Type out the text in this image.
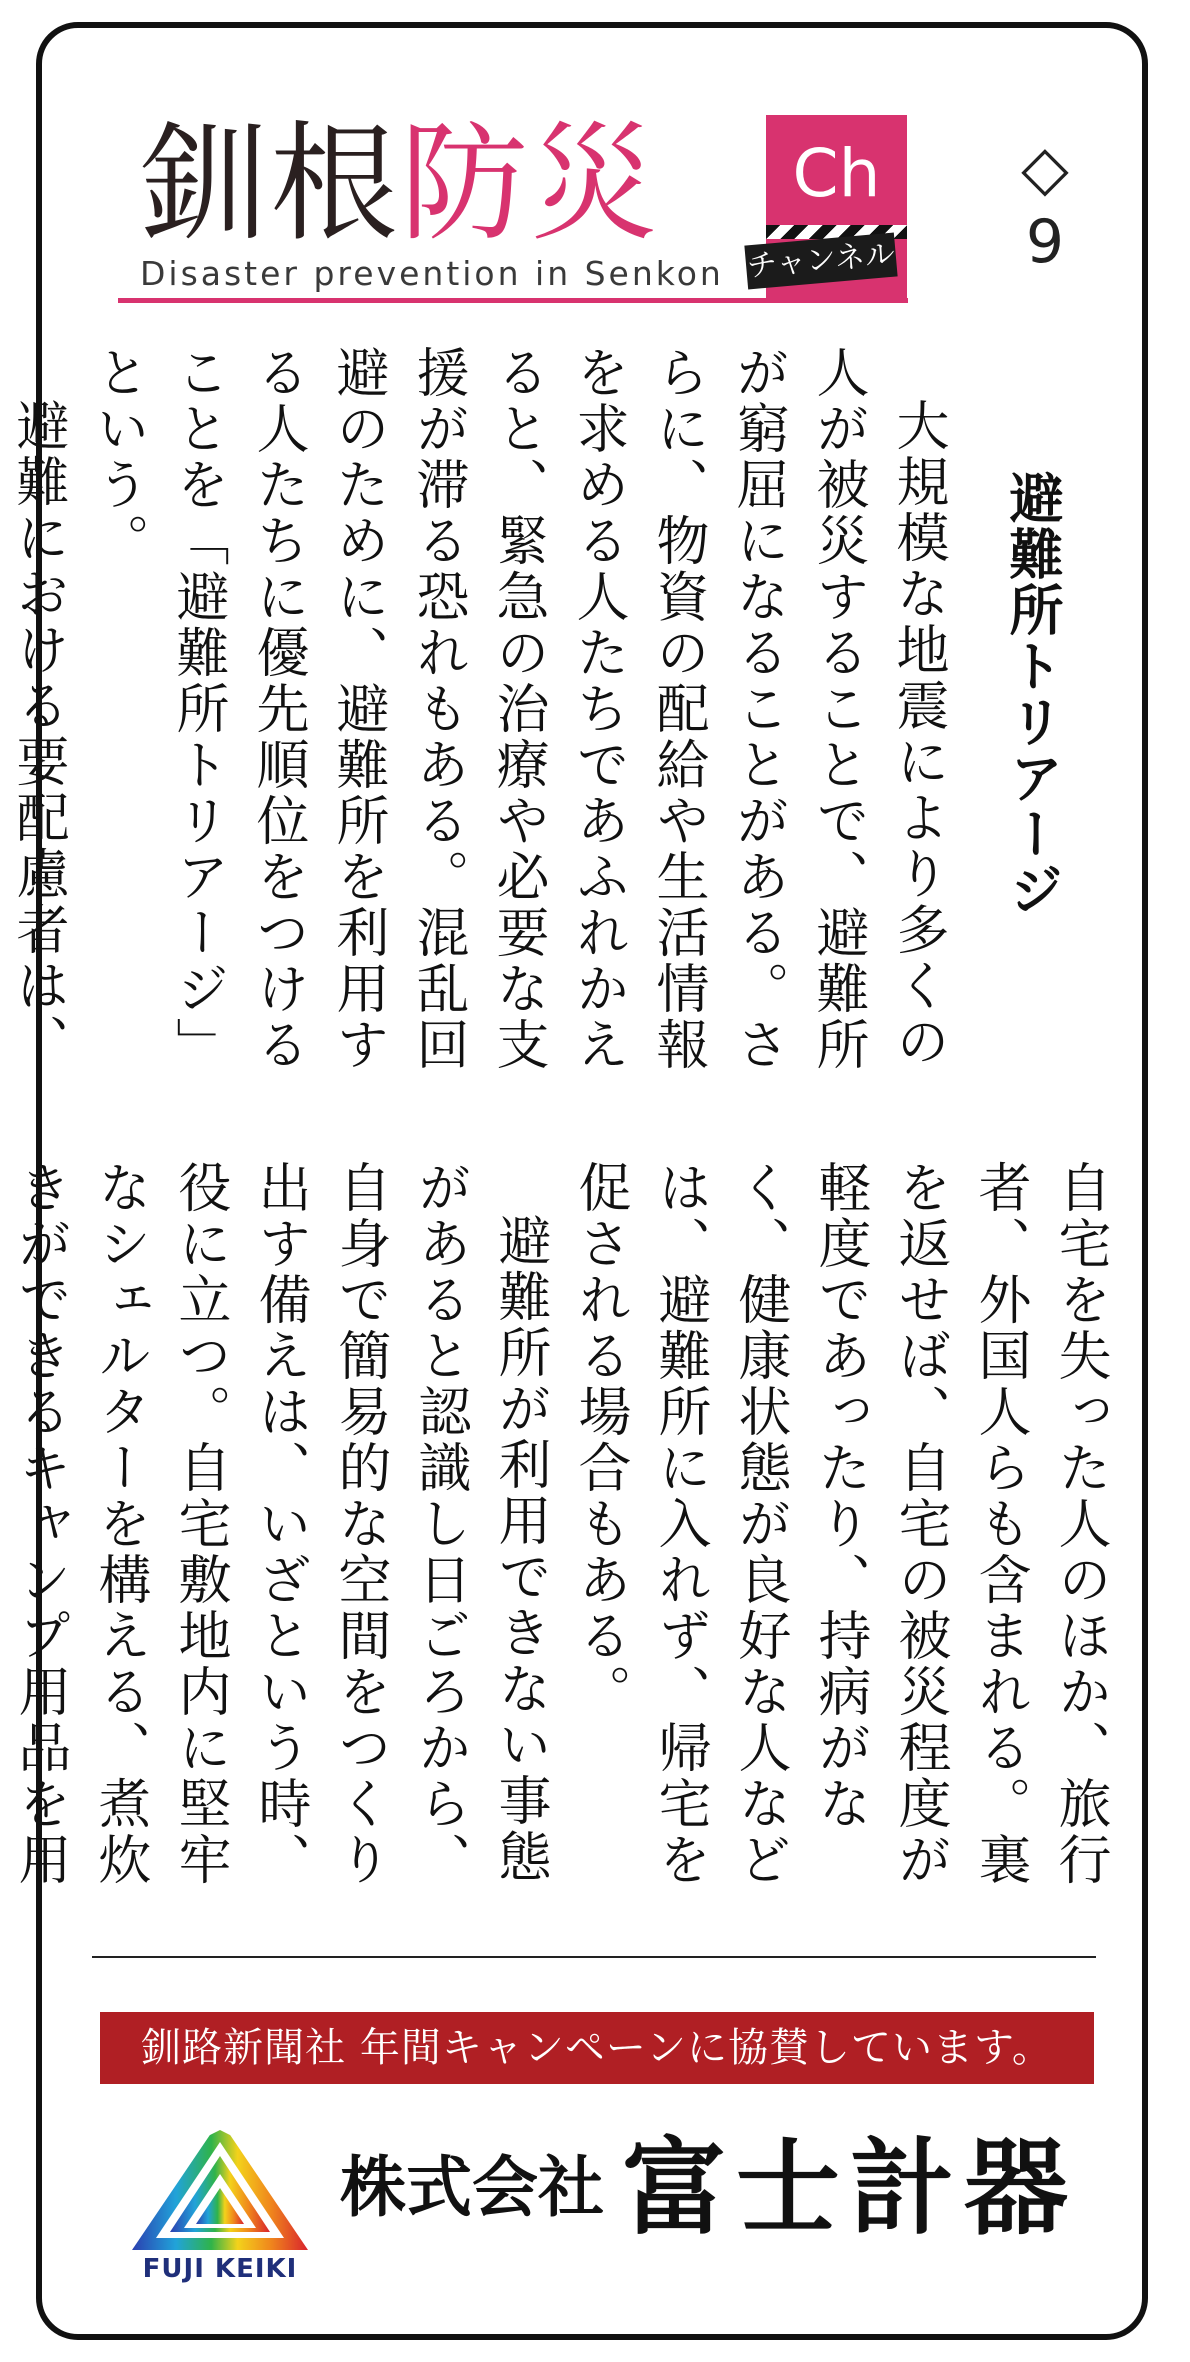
釧根防災
Disaster prevention in Senkon
Ch
チャンネル
◇
9
避難所トリアージ

大規模な地震により多くの人が被災することで、避難所が窮屈になることがある。さらに、物資の配給や生活情報を求める人たちであふれかえると、緊急の治療や必要な支援が滞る恐れもある。混乱回避のために、避難所を利用する人たちに優先順位をつけることを「避難所トリアージ」という。

避難における要配慮者は、

自宅を失った人のほか、旅行者、外国人らも含まれる。裏を返せば、自宅の被災程度が軽度であったり、持病がなく、健康状態が良好な人などは、避難所に入れず、帰宅を促される場合もある。

避難所が利用できない事態があると認識し日ごろから、自身で簡易的な空間をつくり出す備えは、いざという時、役に立つ。自宅敷地内に堅牢なシェルターを構える、煮炊きができるキャンプ用品を用

釧路新聞社 年間キャンペーンに協賛しています。
FUJI KEIKI
株式会社 富士計器
